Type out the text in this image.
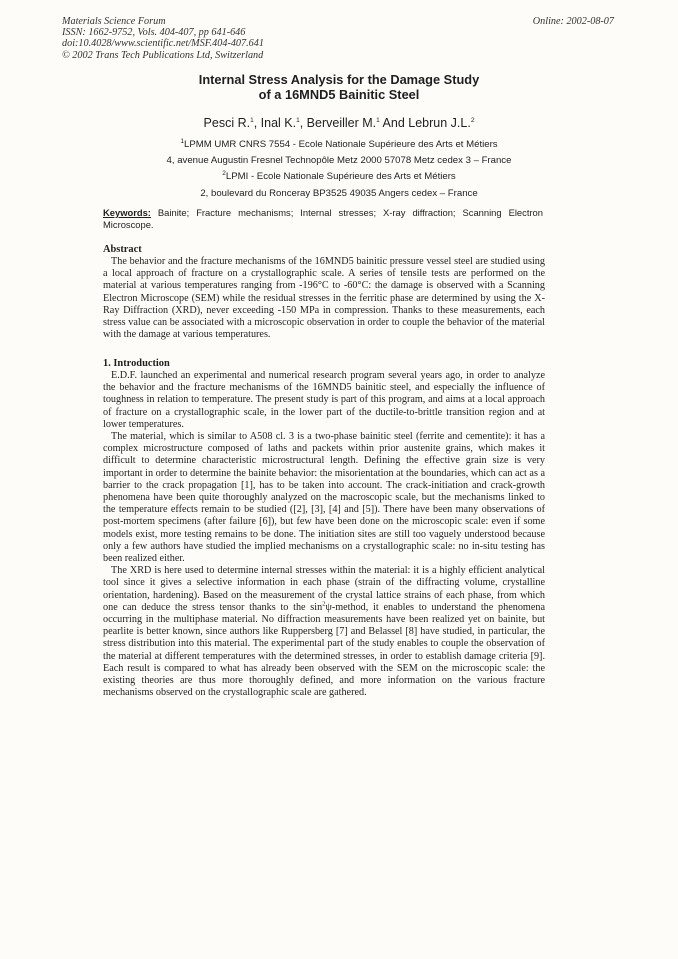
Materials Science Forum
ISSN: 1662-9752, Vols. 404-407, pp 641-646
doi:10.4028/www.scientific.net/MSF.404-407.641
© 2002 Trans Tech Publications Ltd, Switzerland
Online: 2002-08-07
Internal Stress Analysis for the Damage Study
of a 16MND5 Bainitic Steel
Pesci R.$^1$, Inal K.$^1$, Berveiller M.$^1$ And Lebrun J.L.$^2$
$^1$LPMM UMR CNRS 7554 - Ecole Nationale Supérieure des Arts et Métiers
4, avenue Augustin Fresnel Technopôle Metz 2000 57078 Metz cedex 3 – France
$^2$LPMI - Ecole Nationale Supérieure des Arts et Métiers
2, boulevard du Ronceray BP3525 49035 Angers cedex – France
Keywords: Bainite; Fracture mechanisms; Internal stresses; X-ray diffraction; Scanning Electron Microscope.
Abstract

The behavior and the fracture mechanisms of the 16MND5 bainitic pressure vessel steel are studied using a local approach of fracture on a crystallographic scale. A series of tensile tests are performed on the material at various temperatures ranging from -196°C to -60°C: the damage is observed with a Scanning Electron Microscope (SEM) while the residual stresses in the ferritic phase are determined by using the X-Ray Diffraction (XRD), never exceeding -150 MPa in compression. Thanks to these measurements, each stress value can be associated with a microscopic observation in order to couple the behavior of the material with the damage at various temperatures.

1. Introduction

E.D.F. launched an experimental and numerical research program several years ago, in order to analyze the behavior and the fracture mechanisms of the 16MND5 bainitic steel, and especially the influence of toughness in relation to temperature. The present study is part of this program, and aims at a local approach of fracture on a crystallographic scale, in the lower part of the ductile-to-brittle transition region and at lower temperatures.

The material, which is similar to A508 cl. 3 is a two-phase bainitic steel (ferrite and cementite): it has a complex microstructure composed of laths and packets within prior austenite grains, which makes it difficult to determine characteristic microstructural length. Defining the effective grain size is very important in order to determine the bainite behavior: the misorientation at the boundaries, which can act as a barrier to the crack propagation [1], has to be taken into account. The crack-initiation and crack-growth phenomena have been quite thoroughly analyzed on the macroscopic scale, but the mechanisms linked to the temperature effects remain to be studied ([2], [3], [4] and [5]). There have been many observations of post-mortem specimens (after failure [6]), but few have been done on the microscopic scale: even if some models exist, more testing remains to be done. The initiation sites are still too vaguely understood because only a few authors have studied the implied mechanisms on a crystallographic scale: no in-situ testing has been realized either.

The XRD is here used to determine internal stresses within the material: it is a highly efficient analytical tool since it gives a selective information in each phase (strain of the diffracting volume, crystalline orientation, hardening). Based on the measurement of the crystal lattice strains of each phase, from which one can deduce the stress tensor thanks to the $\sin^2\psi$-method, it enables to understand the phenomena occurring in the multiphase material. No diffraction measurements have been realized yet on bainite, but pearlite is better known, since authors like Ruppersberg [7] and Belassel [8] have studied, in particular, the stress distribution into this material. The experimental part of the study enables to couple the observation of the material at different temperatures with the determined stresses, in order to establish damage criteria [9]. Each result is compared to what has already been observed with the SEM on the microscopic scale: the existing theories are thus more thoroughly defined, and more information on the various fracture mechanisms observed on the crystallographic scale are gathered.
